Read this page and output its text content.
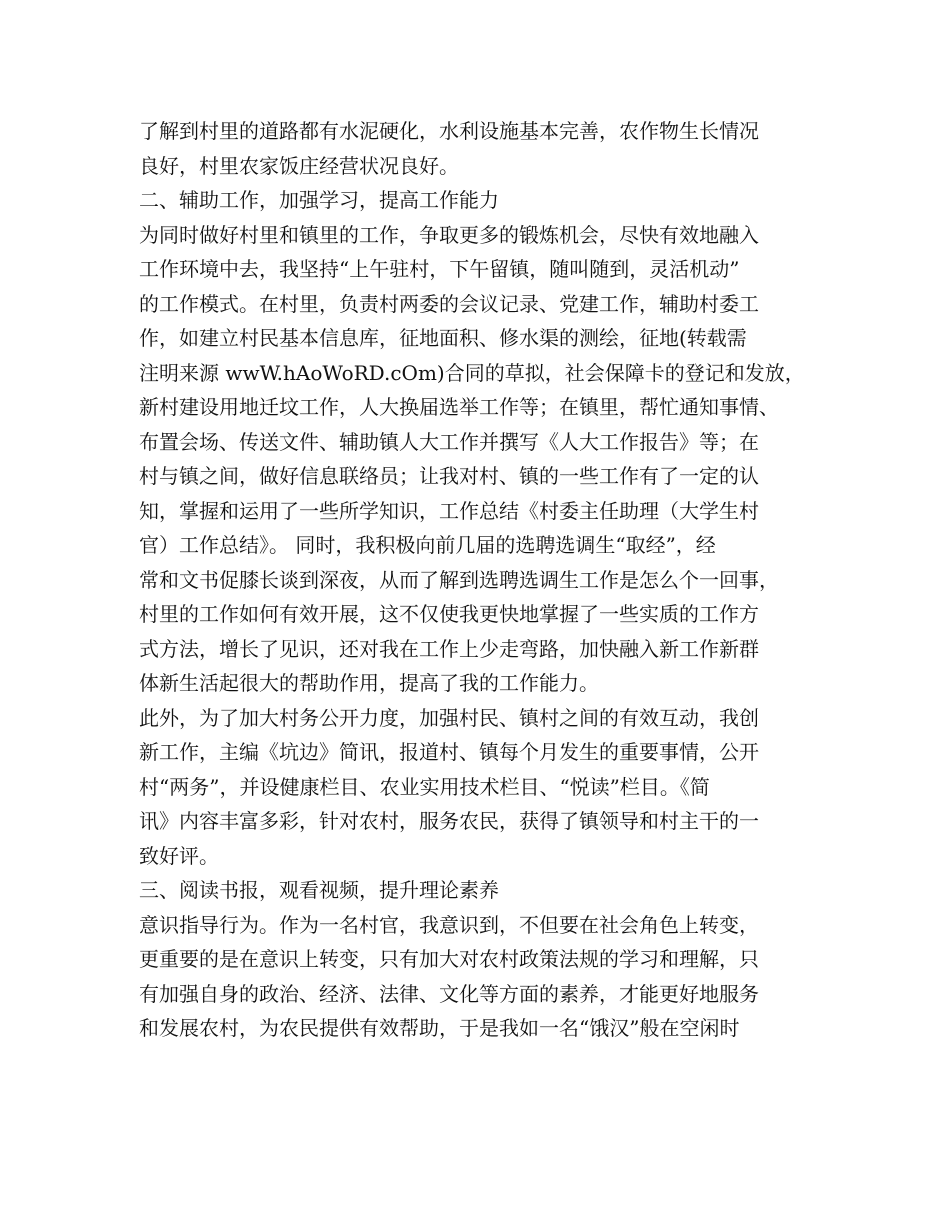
了解到村里的道路都有水泥硬化，水利设施基本完善，农作物生长情况
良好，村里农家饭庄经营状况良好。
二、辅助工作，加强学习，提高工作能力
为同时做好村里和镇里的工作，争取更多的锻炼机会，尽快有效地融入
工作环境中去，我坚持“上午驻村，下午留镇，随叫随到，灵活机动”
的工作模式。在村里，负责村两委的会议记录、党建工作，辅助村委工
作，如建立村民基本信息库，征地面积、修水渠的测绘，征地(转载需
注明来源 wwW.hAoWoRD.cOm)合同的草拟，社会保障卡的登记和发放，
新村建设用地迁坟工作，人大换届选举工作等；在镇里，帮忙通知事情、
布置会场、传送文件、辅助镇人大工作并撰写《人大工作报告》等；在
村与镇之间，做好信息联络员；让我对村、镇的一些工作有了一定的认
知，掌握和运用了一些所学知识，工作总结《村委主任助理（大学生村
官）工作总结》。 同时，我积极向前几届的选聘选调生“取经”，经
常和文书促膝长谈到深夜，从而了解到选聘选调生工作是怎么个一回事，
村里的工作如何有效开展，这不仅使我更快地掌握了一些实质的工作方
式方法，增长了见识，还对我在工作上少走弯路，加快融入新工作新群
体新生活起很大的帮助作用，提高了我的工作能力。
此外，为了加大村务公开力度，加强村民、镇村之间的有效互动，我创
新工作，主编《坑边》简讯，报道村、镇每个月发生的重要事情，公开
村“两务”，并设健康栏目、农业实用技术栏目、“悦读”栏目。《简
讯》内容丰富多彩，针对农村，服务农民，获得了镇领导和村主干的一
致好评。
三、阅读书报，观看视频，提升理论素养
意识指导行为。作为一名村官，我意识到，不但要在社会角色上转变，
更重要的是在意识上转变，只有加大对农村政策法规的学习和理解，只
有加强自身的政治、经济、法律、文化等方面的素养，才能更好地服务
和发展农村，为农民提供有效帮助，于是我如一名“饿汉”般在空闲时
